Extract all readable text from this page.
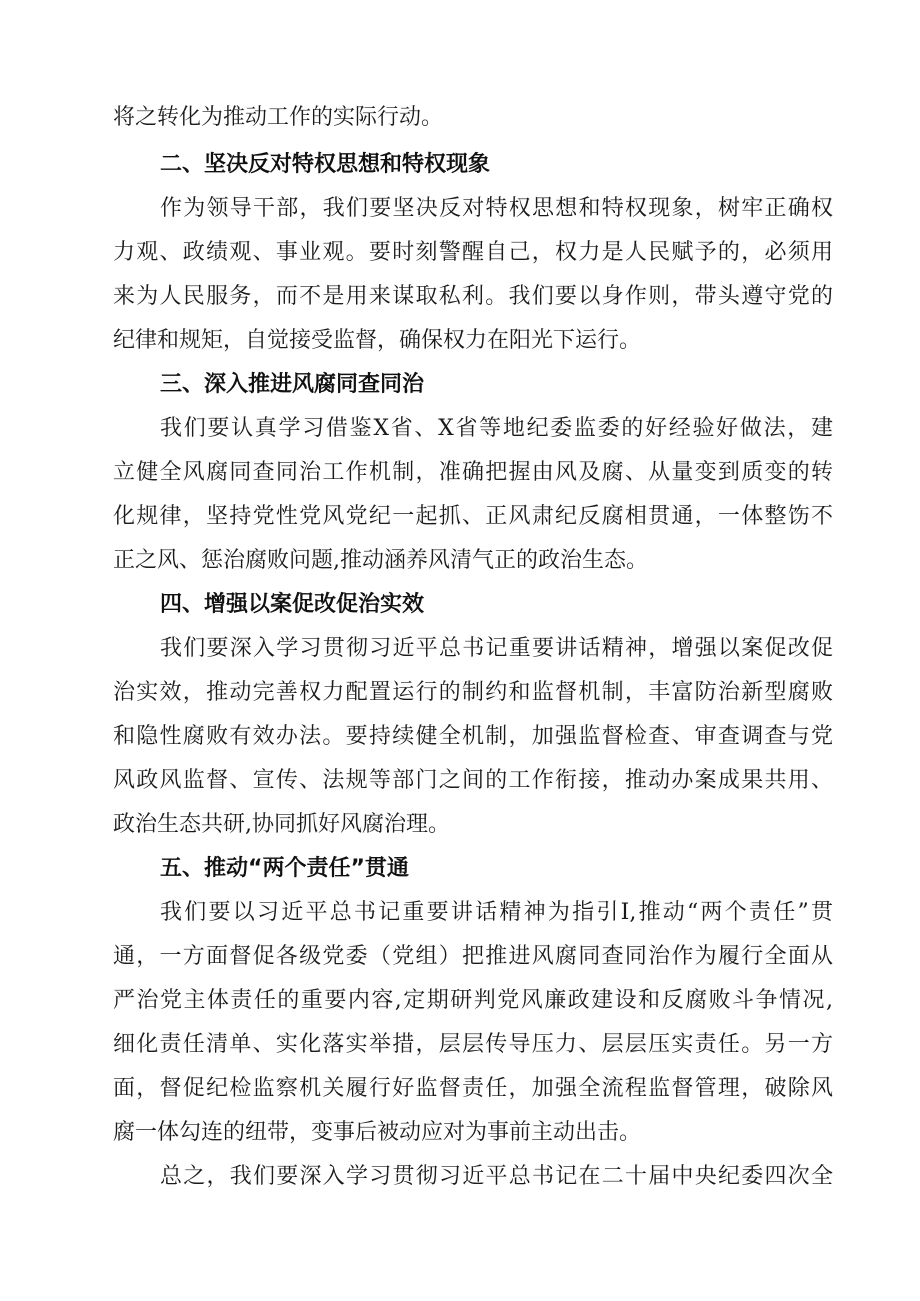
将之转化为推动工作的实际行动。
二、坚决反对特权思想和特权现象
作为领导干部，我们要坚决反对特权思想和特权现象，树牢正确权
力观、政绩观、事业观。要时刻警醒自己，权力是人民赋予的，必须用
来为人民服务，而不是用来谋取私利。我们要以身作则，带头遵守党的
纪律和规矩，自觉接受监督，确保权力在阳光下运行。
三、深入推进风腐同查同治
我们要认真学习借鉴X省、X省等地纪委监委的好经验好做法，建
立健全风腐同查同治工作机制，准确把握由风及腐、从量变到质变的转
化规律，坚持党性党风党纪一起抓、正风肃纪反腐相贯通，一体整饬不
正之风、惩治腐败问题,推动涵养风清气正的政治生态。
四、增强以案促改促治实效
我们要深入学习贯彻习近平总书记重要讲话精神，增强以案促改促
治实效，推动完善权力配置运行的制约和监督机制，丰富防治新型腐败
和隐性腐败有效办法。要持续健全机制，加强监督检查、审查调查与党
风政风监督、宣传、法规等部门之间的工作衔接，推动办案成果共用、
政治生态共研,协同抓好风腐治理。
五、推动“两个责任”贯通
我们要以习近平总书记重要讲话精神为指引I,推动“两个责任”贯
通，一方面督促各级党委（党组）把推进风腐同查同治作为履行全面从
严治党主体责任的重要内容,定期研判党风廉政建设和反腐败斗争情况,
细化责任清单、实化落实举措，层层传导压力、层层压实责任。另一方
面，督促纪检监察机关履行好监督责任，加强全流程监督管理，破除风
腐一体勾连的纽带，变事后被动应对为事前主动出击。
总之，我们要深入学习贯彻习近平总书记在二十届中央纪委四次全
